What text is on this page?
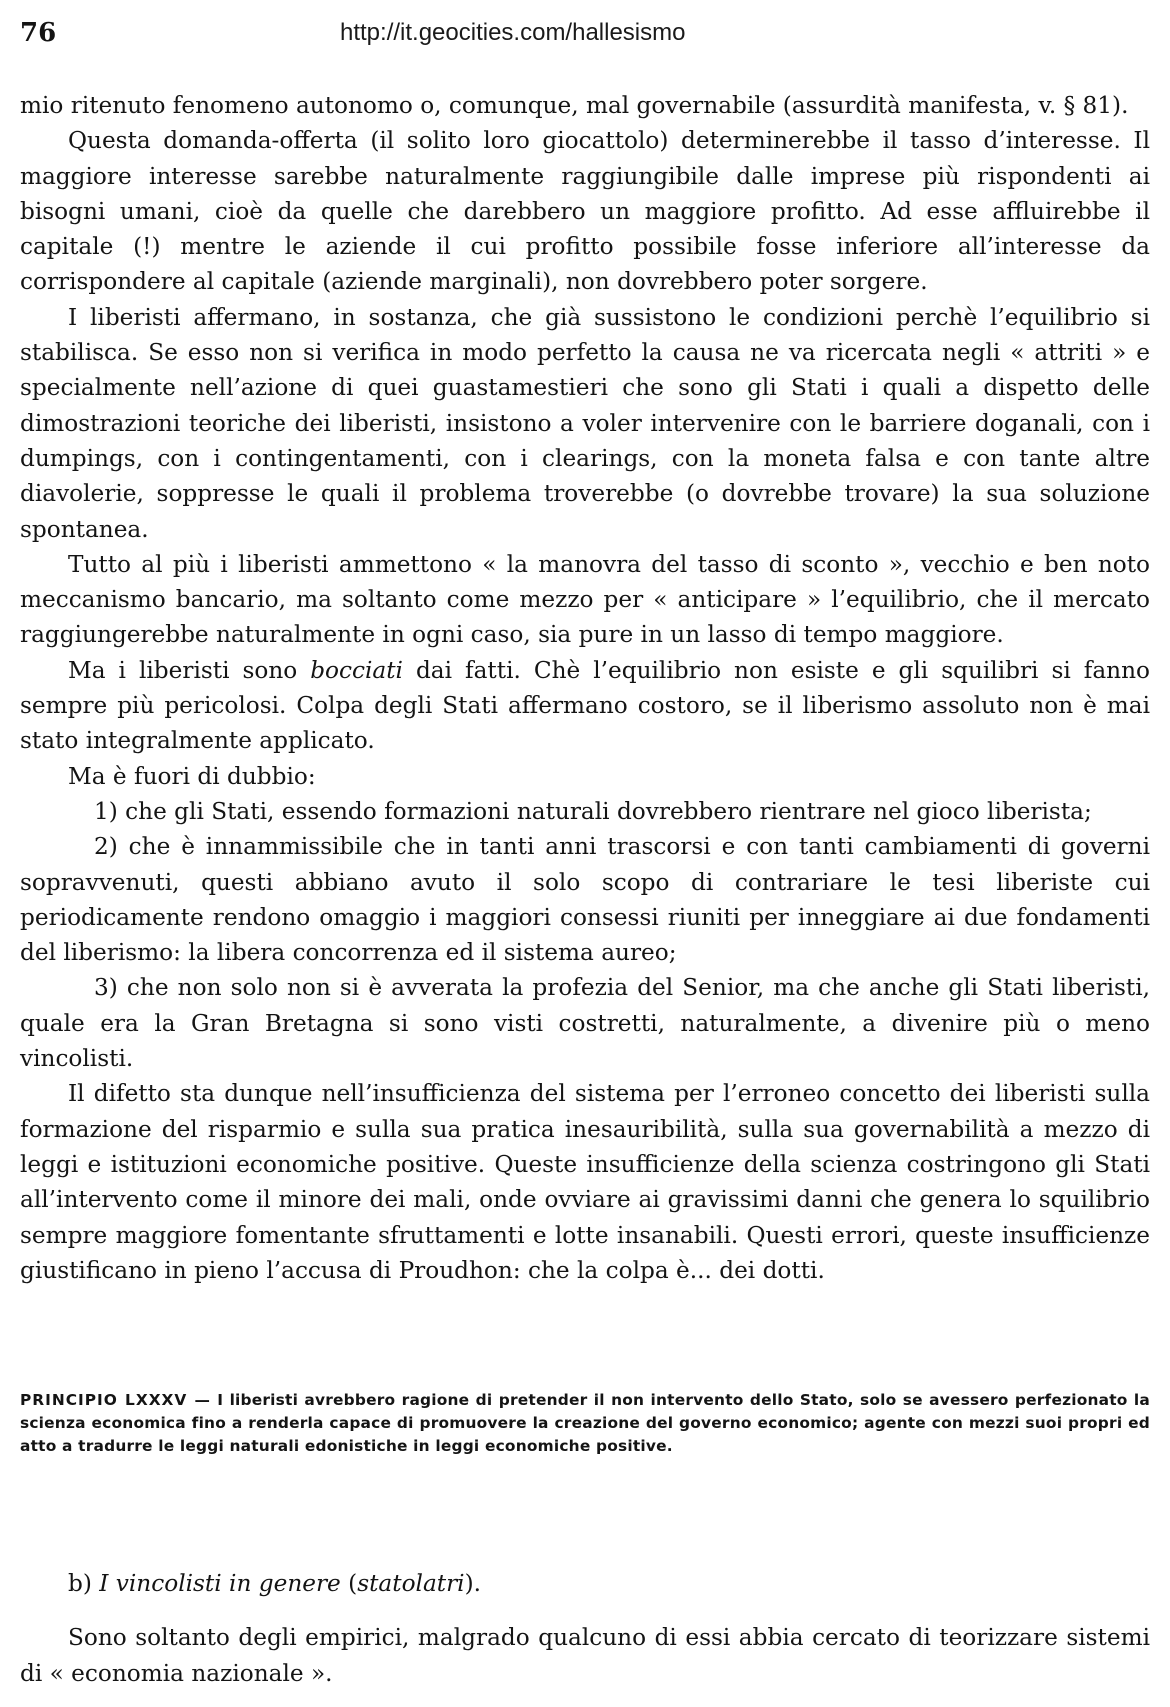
76	http://it.geocities.com/hallesismo

mio ritenuto fenomeno autonomo o, comunque, mal governabile (assurdità manifesta, v. § 81).

Questa domanda-offerta (il solito loro giocattolo) determinerebbe il tasso d’interesse. Il maggiore interesse sarebbe naturalmente raggiungibile dalle imprese più rispondenti ai bisogni umani, cioè da quelle che darebbero un maggiore profitto. Ad esse affluirebbe il capitale (!) mentre le aziende il cui profitto possibile fosse inferiore all’interesse da corrispondere al capitale (aziende marginali), non dovrebbero poter sorgere.

I liberisti affermano, in sostanza, che già sussistono le condizioni perchè l’equilibrio si stabilisca. Se esso non si verifica in modo perfetto la causa ne va ricercata negli « attriti » e specialmente nell’azione di quei guastamestieri che sono gli Stati i quali a dispetto delle dimostrazioni teoriche dei liberisti, insistono a voler intervenire con le barriere doganali, con i dumpings, con i contingentamenti, con i clearings, con la moneta falsa e con tante altre diavolerie, soppresse le quali il problema troverebbe (o dovrebbe trovare) la sua soluzione spontanea.

Tutto al più i liberisti ammettono « la manovra del tasso di sconto », vecchio e ben noto meccanismo bancario, ma soltanto come mezzo per « anticipare » l’equilibrio, che il mercato raggiungerebbe naturalmente in ogni caso, sia pure in un lasso di tempo maggiore.

Ma i liberisti sono bocciati dai fatti. Chè l’equilibrio non esiste e gli squilibri si fanno sempre più pericolosi. Colpa degli Stati affermano costoro, se il liberismo assoluto non è mai stato integralmente applicato.

Ma è fuori di dubbio:

1) che gli Stati, essendo formazioni naturali dovrebbero rientrare nel gioco liberista;

2) che è innammissibile che in tanti anni trascorsi e con tanti cambiamenti di governi sopravvenuti, questi abbiano avuto il solo scopo di contrariare le tesi liberiste cui periodicamente rendono omaggio i maggiori consessi riuniti per inneggiare ai due fondamenti del liberismo: la libera concorrenza ed il sistema aureo;

3) che non solo non si è avverata la profezia del Senior, ma che anche gli Stati liberisti, quale era la Gran Bretagna si sono visti costretti, naturalmente, a divenire più o meno vincolisti.

Il difetto sta dunque nell’insufficienza del sistema per l’erroneo concetto dei liberisti sulla formazione del risparmio e sulla sua pratica inesauribilità, sulla sua governabilità a mezzo di leggi e istituzioni economiche positive. Queste insufficienze della scienza costringono gli Stati all’intervento come il minore dei mali, onde ovviare ai gravissimi danni che genera lo squilibrio sempre maggiore fomentante sfruttamenti e lotte insanabili. Questi errori, queste insufficienze giustificano in pieno l’accusa di Proudhon: che la colpa è... dei dotti.

PRINCIPIO LXXXV — I liberisti avrebbero ragione di pretender il non intervento dello Stato, solo se avessero perfezionato la scienza economica fino a renderla capace di promuovere la creazione del governo economico; agente con mezzi suoi propri ed atto a tradurre le leggi naturali edonistiche in leggi economiche positive.
b) I vincolisti in genere (statolatri).

Sono soltanto degli empirici, malgrado qualcuno di essi abbia cercato di teorizzare sistemi di « economia nazionale ».
